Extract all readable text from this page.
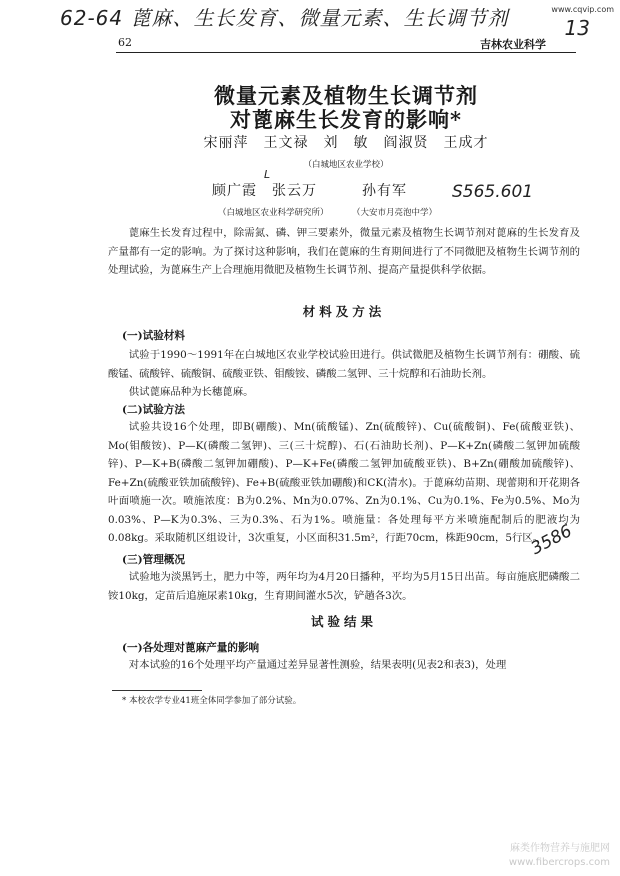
62-64 蓖麻、生长发育、微量元素、生长调节剂	www.cqvip.com
13
62	吉林农业科学
微量元素及植物生长调节剂
对蓖麻生长发育的影响*
宋丽萍　王文禄　刘　敏　阎淑贤　王成才
（白城地区农业学校）
L
顾广霞　张云万　　　孙有军	S565.601
（白城地区农业科学研究所）	（大安市月亮泡中学）

蓖麻生长发育过程中，除需氮、磷、钾三要素外，微量元素及植物生长调节剂对蓖麻的生长发育及产量都有一定的影响。为了探讨这种影响，我们在蓖麻的生育期间进行了不同微肥及植物生长调节剂的处理试验，为蓖麻生产上合理施用微肥及植物生长调节剂、提高产量提供科学依据。

材料及方法
(一)试验材料

试验于1990～1991年在白城地区农业学校试验田进行。供试微肥及植物生长调节剂有：硼酸、硫酸锰、硫酸锌、硫酸铜、硫酸亚铁、钼酸铵、磷酸二氢钾、三十烷醇和石油助长剂。

供试蓖麻品种为长穗蓖麻。

(二)试验方法

试验共设16个处理，即B(硼酸)、Mn(硫酸锰)、Zn(硫酸锌)、Cu(硫酸铜)、Fe(硫酸亚铁)、Mo(钼酸铵)、P—K(磷酸二氢钾)、三(三十烷醇)、石(石油助长剂)、P—K+Zn(磷酸二氢钾加硫酸锌)、P—K+B(磷酸二氢钾加硼酸)、P—K+Fe(磷酸二氢钾加硫酸亚铁)、B+Zn(硼酸加硫酸锌)、Fe+Zn(硫酸亚铁加硫酸锌)、Fe+B(硫酸亚铁加硼酸)和CK(清水)。于蓖麻幼苗期、现蕾期和开花期各叶面喷施一次。喷施浓度：B为0.2%、Mn为0.07%、Zn为0.1%、Cu为0.1%、Fe为0.5%、Mo为0.03%、P—K为0.3%、三为0.3%、石为1%。喷施量：各处理每平方米喷施配制后的肥液均为0.08kg。采取随机区组设计，3次重复，小区面积31.5m²，行距70cm，株距90cm，5行区。

3586
(三)管理概况

试验地为淡黑钙土，肥力中等，两年均为4月20日播种，平均为5月15日出苗。每亩施底肥磷酸二铵10kg，定苗后追施尿素10kg，生育期间灌水5次，铲趟各3次。

试验结果
(一)各处理对蓖麻产量的影响

对本试验的16个处理平均产量通过差异显著性测验，结果表明(见表2和表3)，处理

* 本校农学专业41班全体同学参加了部分试验。
麻类作物营养与施肥网
www.fibercrops.com
